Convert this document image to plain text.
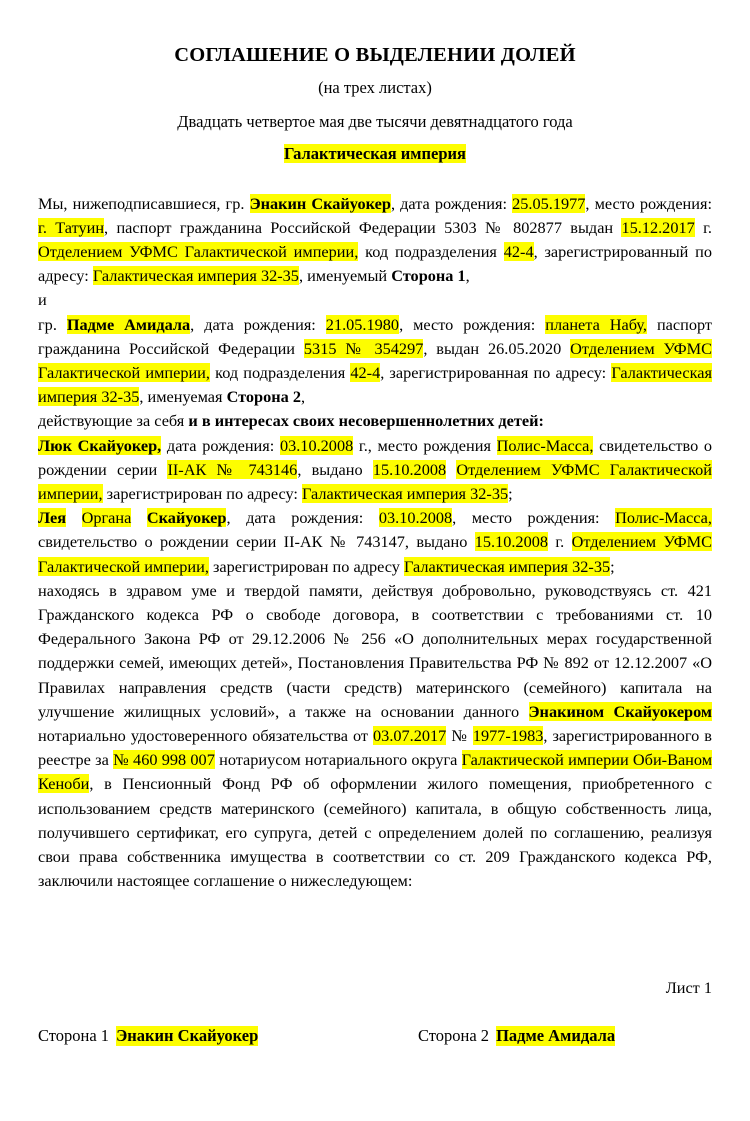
СОГЛАШЕНИЕ О ВЫДЕЛЕНИИ ДОЛЕЙ
(на трех листах)
Двадцать четвертое мая две тысячи девятнадцатого года
Галактическая империя

Мы, нижеподписавшиеся, гр. Энакин Скайуокер, дата рождения: 25.05.1977, место рождения: г. Татуин, паспорт гражданина Российской Федерации 5303 № 802877 выдан 15.12.2017 г. Отделением УФМС Галактической империи, код подразделения 42-4, зарегистрированный по адресу: Галактическая империя 32-35, именуемый Сторона 1,

и

гр. Падме Амидала, дата рождения: 21.05.1980, место рождения: планета Набу, паспорт гражданина Российской Федерации 5315 № 354297, выдан 26.05.2020 Отделением УФМС Галактической империи, код подразделения 42-4, зарегистрированная по адресу: Галактическая империя 32-35, именуемая Сторона 2,

действующие за себя и в интересах своих несовершеннолетних детей:

Люк Скайуокер, дата рождения: 03.10.2008 г., место рождения Полис-Масса, свидетельство о рождении серии II-АК № 743146, выдано 15.10.2008 Отделением УФМС Галактической империи, зарегистрирован по адресу: Галактическая империя 32-35;

Лея Органа Скайуокер, дата рождения: 03.10.2008, место рождения: Полис-Масса, свидетельство о рождении серии II-АК № 743147, выдано 15.10.2008 г. Отделением УФМС Галактической империи, зарегистрирован по адресу Галактическая империя 32-35;

находясь в здравом уме и твердой памяти, действуя добровольно, руководствуясь ст. 421 Гражданского кодекса РФ о свободе договора, в соответствии с требованиями ст. 10 Федерального Закона РФ от 29.12.2006 № 256 «О дополнительных мерах государственной поддержки семей, имеющих детей», Постановления Правительства РФ № 892 от 12.12.2007 «О Правилах направления средств (части средств) материнского (семейного) капитала на улучшение жилищных условий», а также на основании данного Энакином Скайуокером нотариально удостоверенного обязательства от 03.07.2017 № 1977-1983, зарегистрированного в реестре за № 460 998 007 нотариусом нотариального округа Галактической империи Оби-Ваном Кеноби, в Пенсионный Фонд РФ об оформлении жилого помещения, приобретенного с использованием средств материнского (семейного) капитала, в общую собственность лица, получившего сертификат, его супруга, детей с определением долей по соглашению, реализуя свои права собственника имущества в соответствии со ст. 209 Гражданского кодекса РФ, заключили настоящее соглашение о нижеследующем:

Лист 1
Сторона 1 Энакин Скайуокер	Сторона 2 Падме Амидала
